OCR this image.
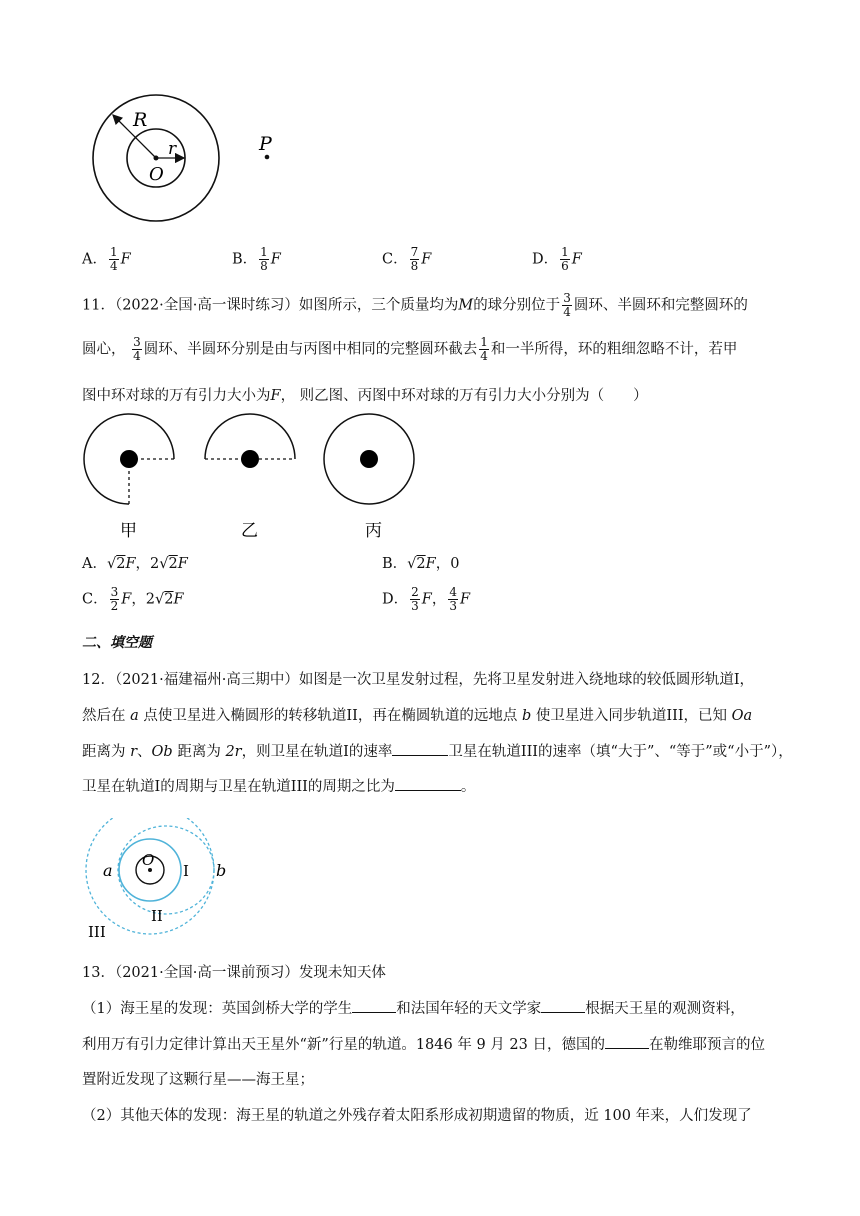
R
r
O
P
A． $\frac{1}{4}$ F	B． $\frac{1}{8}$ F	C． $\frac{7}{8}$ F	D． $\frac{1}{6}$ F
11．（2022·全国·高一课时练习）如图所示，三个质量均为M的球分别位于 $\frac{3}{4}$ 圆环、半圆环和完整圆环的
圆心， $\frac{3}{4}$ 圆环、半圆环分别是由与丙图中相同的完整圆环截去 $\frac{1}{4}$ 和一半所得，环的粗细忽略不计，若甲
图中环对球的万有引力大小为F， 则乙图、丙图中环对球的万有引力大小分别为（　　）
甲	乙	丙
A．√2F，2√2F	B．√2F，0
C． $\frac{3}{2}$ F，2√2F	D． $\frac{2}{3}$ F， $\frac{4}{3}$ F
二、填空题
12．（2021·福建福州·高三期中）如图是一次卫星发射过程，先将卫星发射进入绕地球的较低圆形轨道I，
然后在 a 点使卫星进入椭圆形的转移轨道II，再在椭圆轨道的远地点 b 使卫星进入同步轨道III，已知 Oa
距离为 r、Ob 距离为 2r，则卫星在轨道I的速率	卫星在轨道III的速率（填“大于”、“等于”或“小于”），
卫星在轨道I的周期与卫星在轨道III的周期之比为	。
O
a	b
I
II
III
13．（2021·全国·高一课前预习）发现未知天体
（1）海王星的发现：英国剑桥大学的学生	和法国年轻的天文学家	根据天王星的观测资料，
利用万有引力定律计算出天王星外“新”行星的轨道。1846 年 9 月 23 日，德国的	在勒维耶预言的位
置附近发现了这颗行星——海王星；
（2）其他天体的发现：海王星的轨道之外残存着太阳系形成初期遗留的物质，近 100 年来，人们发现了
